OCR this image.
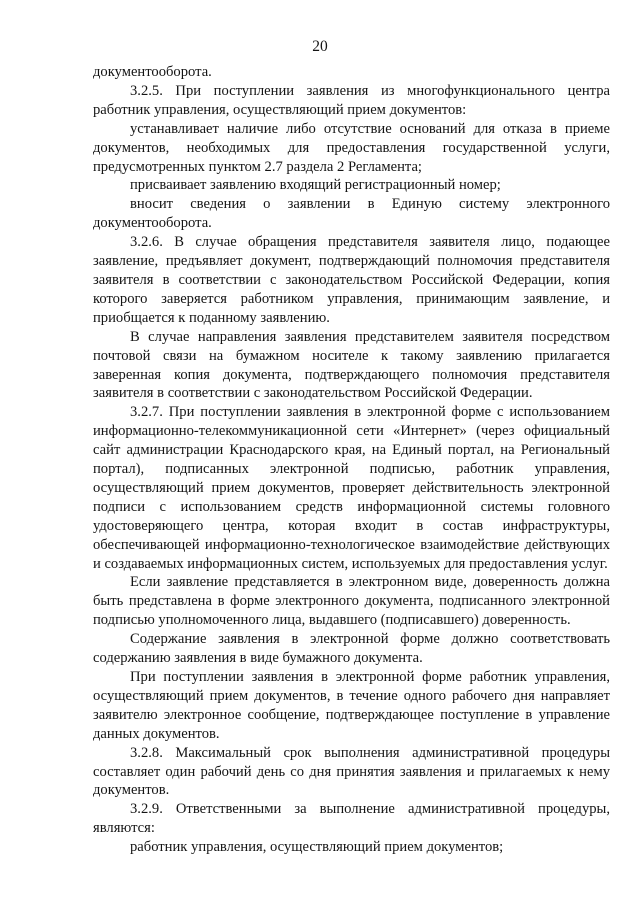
20

документооборота.

3.2.5. При поступлении заявления из многофункционального центра работник управления, осуществляющий прием документов:

устанавливает наличие либо отсутствие оснований для отказа в приеме документов, необходимых для предоставления государственной услуги, предусмотренных пунктом 2.7 раздела 2 Регламента;

присваивает заявлению входящий регистрационный номер;

вносит сведения о заявлении в Единую систему электронного документооборота.

3.2.6. В случае обращения представителя заявителя лицо, подающее заявление, предъявляет документ, подтверждающий полномочия представителя заявителя в соответствии с законодательством Российской Федерации, копия которого заверяется работником управления, принимающим заявление, и приобщается к поданному заявлению.

В случае направления заявления представителем заявителя посредством почтовой связи на бумажном носителе к такому заявлению прилагается заверенная копия документа, подтверждающего полномочия представителя заявителя в соответствии с законодательством Российской Федерации.

3.2.7. При поступлении заявления в электронной форме с использованием информационно-телекоммуникационной сети «Интернет» (через официальный сайт администрации Краснодарского края, на Единый портал, на Региональный портал), подписанных электронной подписью, работник управления, осуществляющий прием документов, проверяет действительность электронной подписи с использованием средств информационной системы головного удостоверяющего центра, которая входит в состав инфраструктуры, обеспечивающей информационно-технологическое взаимодействие действующих и создаваемых информационных систем, используемых для предоставления услуг.

Если заявление представляется в электронном виде, доверенность должна быть представлена в форме электронного документа, подписанного электронной подписью уполномоченного лица, выдавшего (подписавшего) доверенность.

Содержание заявления в электронной форме должно соответствовать содержанию заявления в виде бумажного документа.

При поступлении заявления в электронной форме работник управления, осуществляющий прием документов, в течение одного рабочего дня направляет заявителю электронное сообщение, подтверждающее поступление в управление данных документов.

3.2.8. Максимальный срок выполнения административной процедуры составляет один рабочий день со дня принятия заявления и прилагаемых к нему документов.

3.2.9. Ответственными за выполнение административной процедуры, являются:

работник управления, осуществляющий прием документов;
